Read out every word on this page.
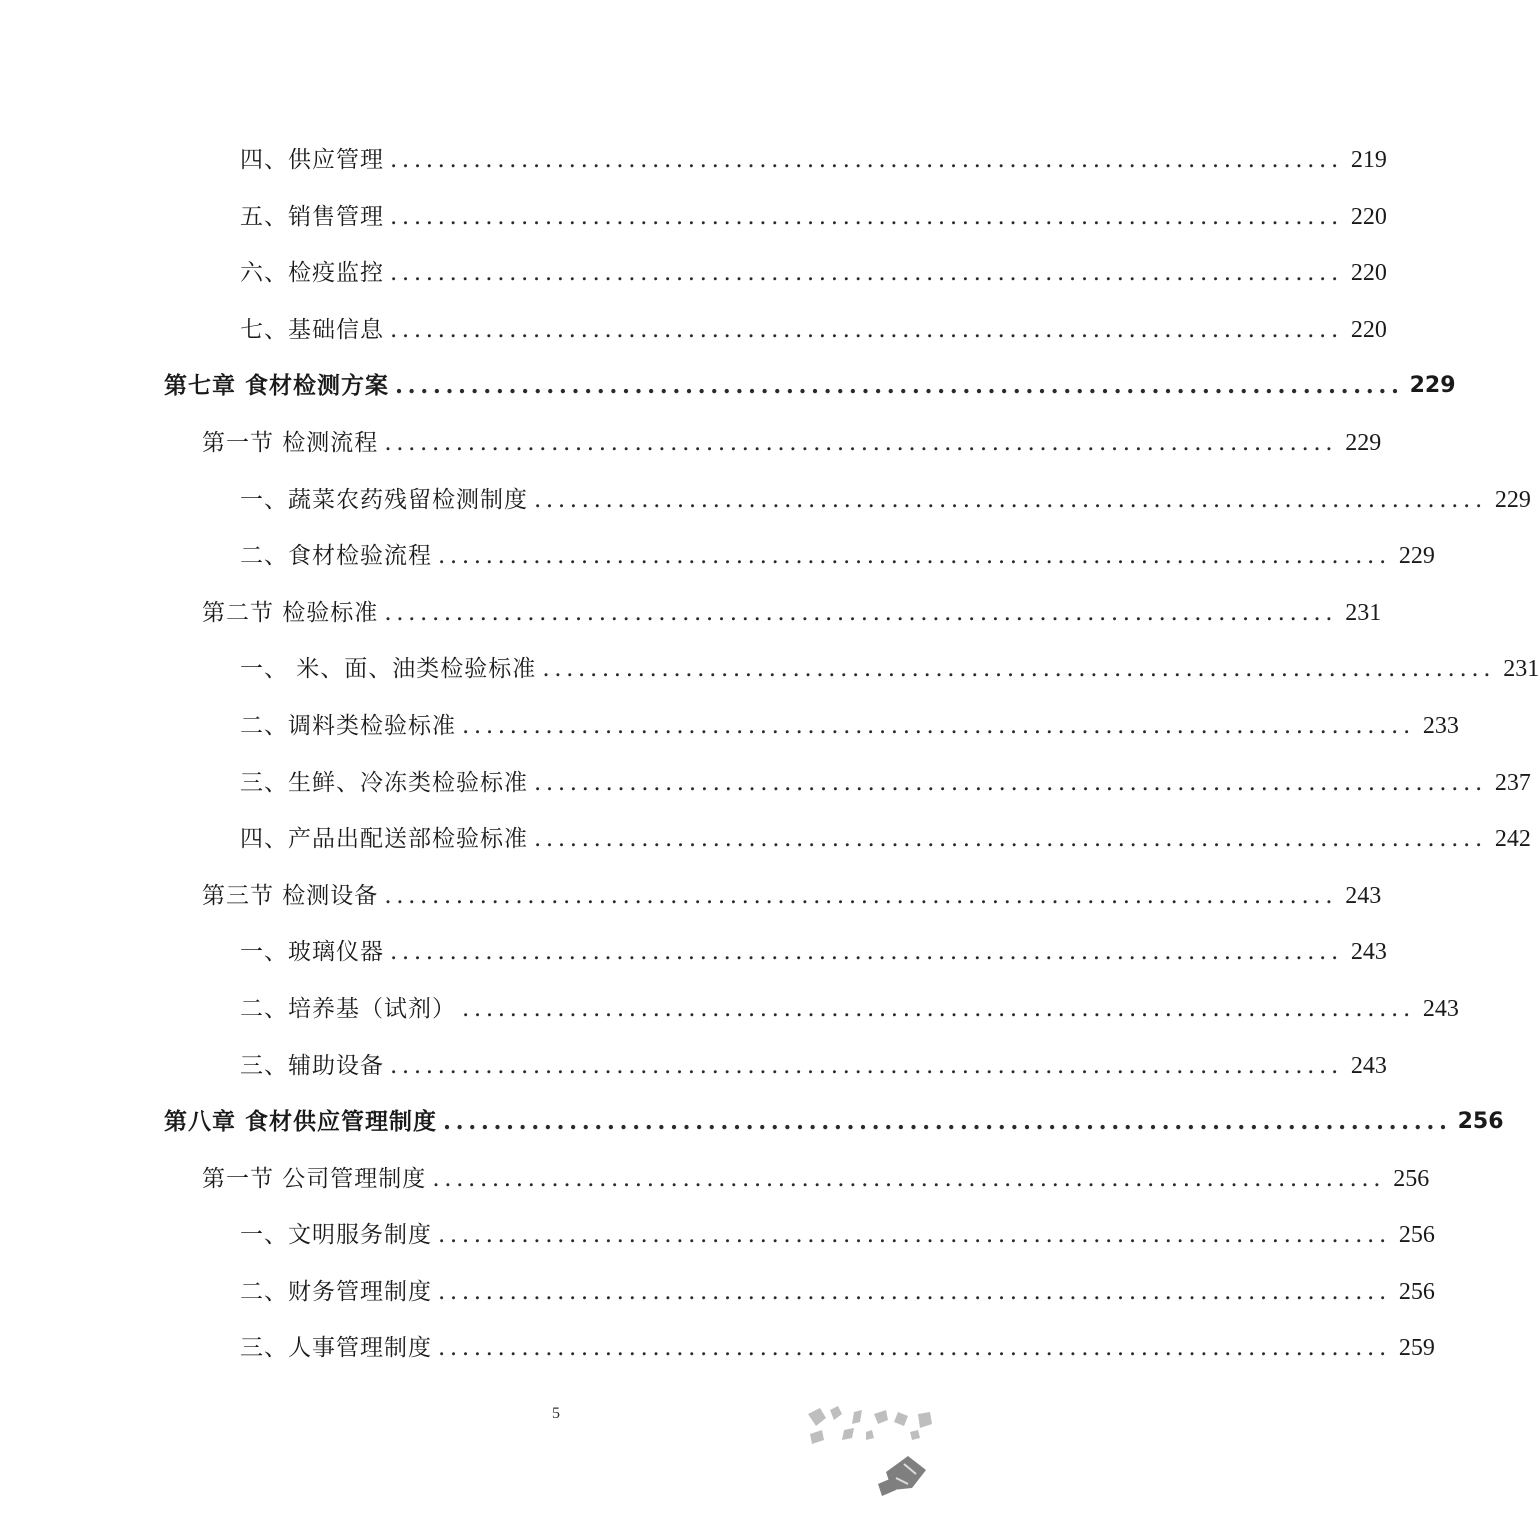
四、供应管理 ................................................................................ 219
五、销售管理 ................................................................................ 220
六、检疫监控 ................................................................................ 220
七、基础信息 ................................................................................ 220
第七章 食材检测方案 ................................................................................ 229
第一节 检测流程 ................................................................................ 229
一、蔬菜农药残留检测制度 ................................................................................ 229
二、食材检验流程 ................................................................................ 229
第二节 检验标准 ................................................................................ 231
一、 米、面、油类检验标准 ................................................................................ 231
二、调料类检验标准 ................................................................................ 233
三、生鲜、冷冻类检验标准 ................................................................................ 237
四、产品出配送部检验标准 ................................................................................ 242
第三节 检测设备 ................................................................................ 243
一、玻璃仪器 ................................................................................ 243
二、培养基（试剂） ................................................................................ 243
三、辅助设备 ................................................................................ 243
第八章 食材供应管理制度 ................................................................................ 256
第一节 公司管理制度 ................................................................................ 256
一、文明服务制度 ................................................................................ 256
二、财务管理制度 ................................................................................ 256
三、人事管理制度 ................................................................................ 259
5
